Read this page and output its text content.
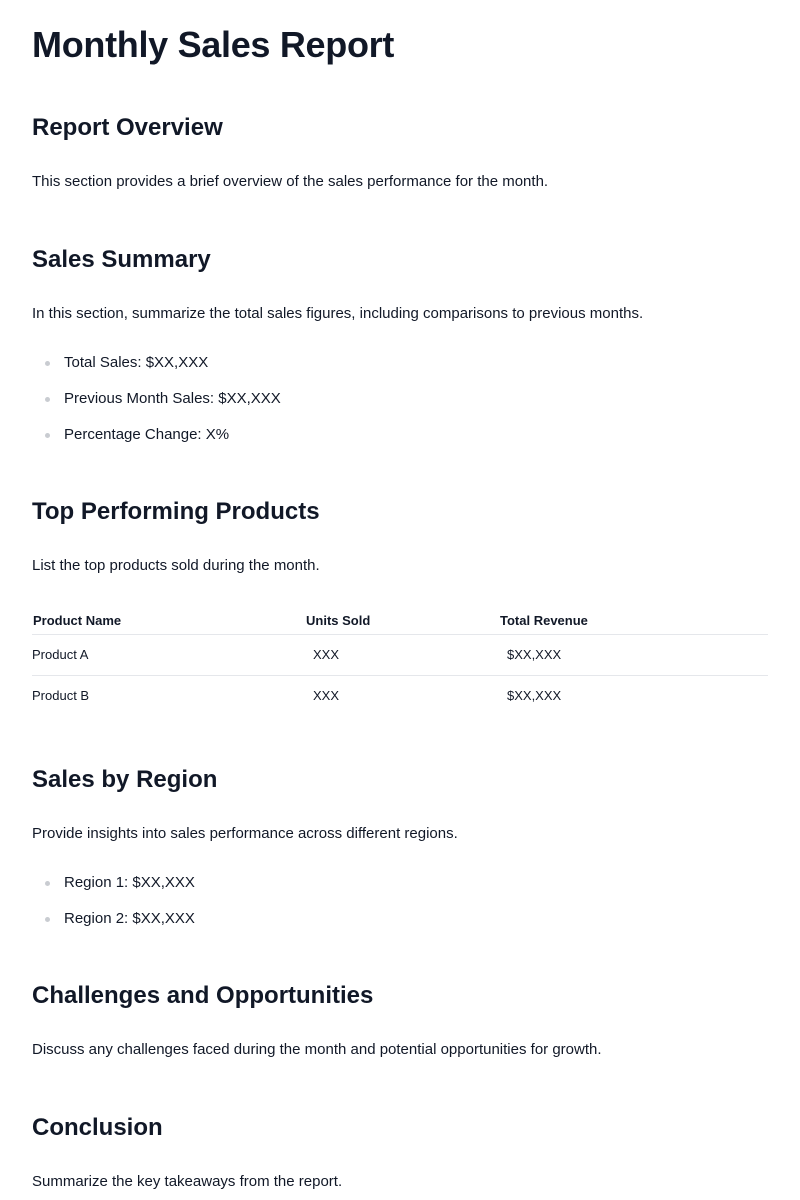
Monthly Sales Report
Report Overview

This section provides a brief overview of the sales performance for the month.

Sales Summary

In this section, summarize the total sales figures, including comparisons to previous months.

Total Sales: $XX,XXX
Previous Month Sales: $XX,XXX
Percentage Change: X%
Top Performing Products

List the top products sold during the month.

Product Name	Units Sold	Total Revenue
Product A	XXX	$XX,XXX
Product B	XXX	$XX,XXX
Sales by Region

Provide insights into sales performance across different regions.

Region 1: $XX,XXX
Region 2: $XX,XXX
Challenges and Opportunities

Discuss any challenges faced during the month and potential opportunities for growth.

Conclusion

Summarize the key takeaways from the report.
